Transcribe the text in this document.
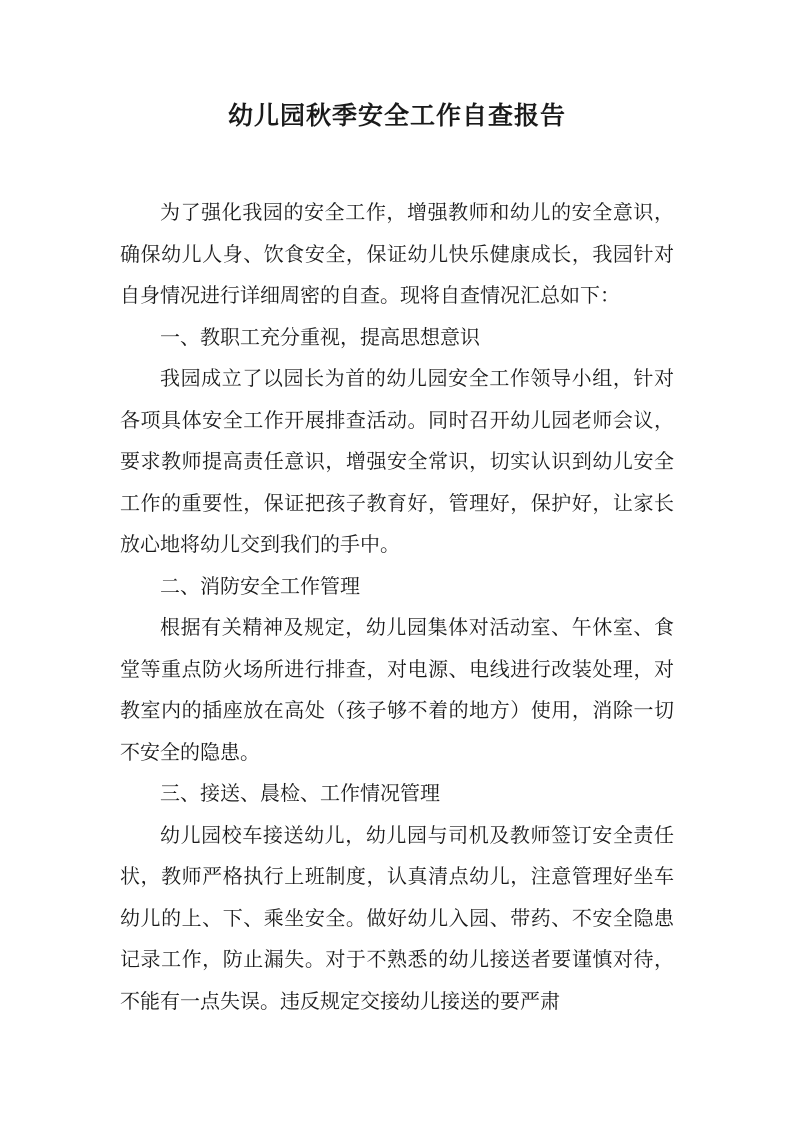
幼儿园秋季安全工作自查报告

为了强化我园的安全工作，增强教师和幼儿的安全意识，确保幼儿人身、饮食安全，保证幼儿快乐健康成长，我园针对自身情况进行详细周密的自查。现将自查情况汇总如下：

一、教职工充分重视，提高思想意识

我园成立了以园长为首的幼儿园安全工作领导小组，针对各项具体安全工作开展排查活动。同时召开幼儿园老师会议，要求教师提高责任意识，增强安全常识，切实认识到幼儿安全工作的重要性，保证把孩子教育好，管理好，保护好，让家长放心地将幼儿交到我们的手中。

二、消防安全工作管理

根据有关精神及规定，幼儿园集体对活动室、午休室、食堂等重点防火场所进行排查，对电源、电线进行改装处理，对教室内的插座放在高处（孩子够不着的地方）使用，消除一切不安全的隐患。

三、接送、晨检、工作情况管理

幼儿园校车接送幼儿，幼儿园与司机及教师签订安全责任状，教师严格执行上班制度，认真清点幼儿，注意管理好坐车幼儿的上、下、乘坐安全。做好幼儿入园、带药、不安全隐患记录工作，防止漏失。对于不熟悉的幼儿接送者要谨慎对待，不能有一点失误。违反规定交接幼儿接送的要严肃
